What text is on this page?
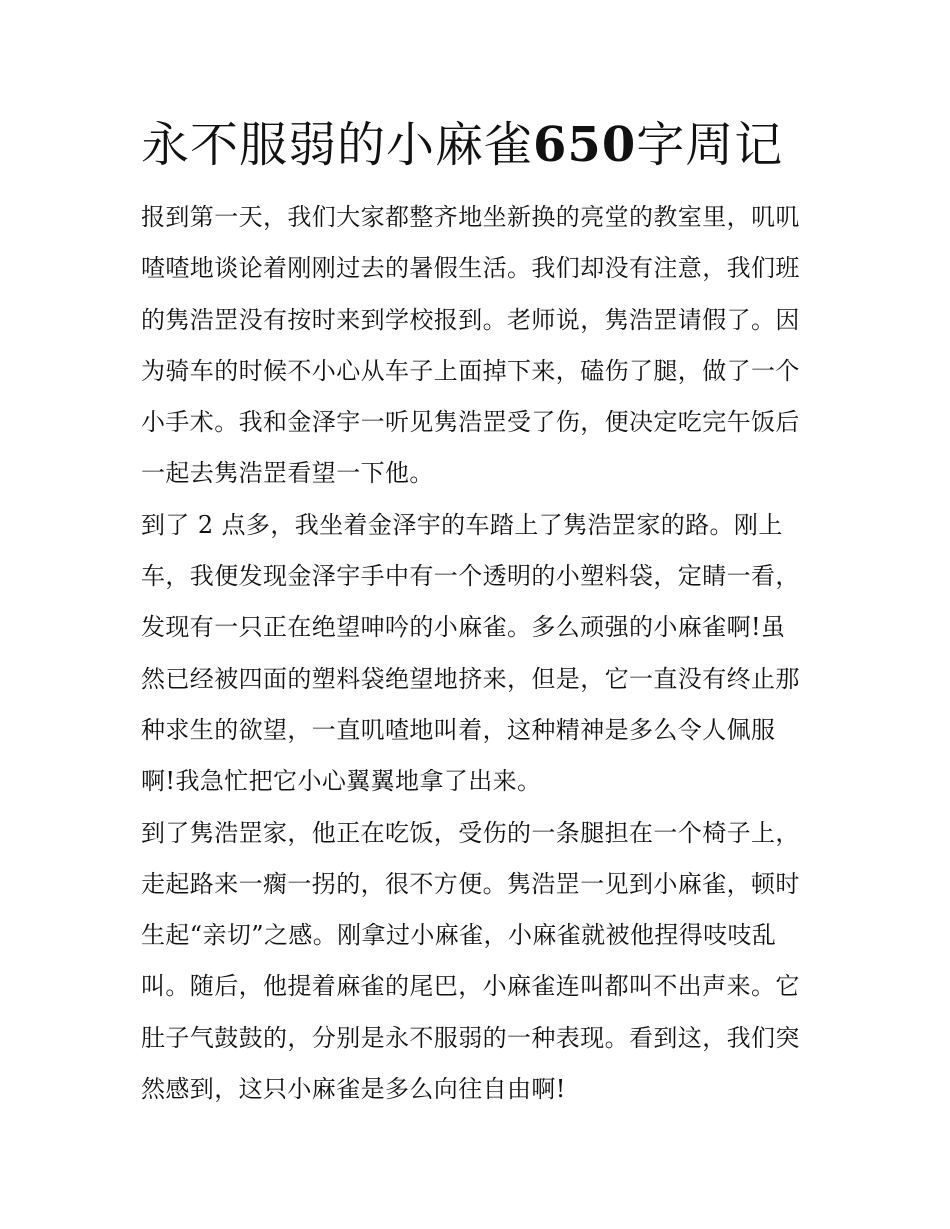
永不服弱的小麻雀650字周记
报到第一天，我们大家都整齐地坐新换的亮堂的教室里，叽叽
喳喳地谈论着刚刚过去的暑假生活。我们却没有注意，我们班
的隽浩罡没有按时来到学校报到。老师说，隽浩罡请假了。因
为骑车的时候不小心从车子上面掉下来，磕伤了腿，做了一个
小手术。我和金泽宇一听见隽浩罡受了伤，便决定吃完午饭后
一起去隽浩罡看望一下他。
到了 2 点多，我坐着金泽宇的车踏上了隽浩罡家的路。刚上
车，我便发现金泽宇手中有一个透明的小塑料袋，定睛一看，
发现有一只正在绝望呻吟的小麻雀。多么顽强的小麻雀啊!虽
然已经被四面的塑料袋绝望地挤来，但是，它一直没有终止那
种求生的欲望，一直叽喳地叫着，这种精神是多么令人佩服
啊!我急忙把它小心翼翼地拿了出来。
到了隽浩罡家，他正在吃饭，受伤的一条腿担在一个椅子上，
走起路来一瘸一拐的，很不方便。隽浩罡一见到小麻雀，顿时
生起“亲切”之感。刚拿过小麻雀，小麻雀就被他捏得吱吱乱
叫。随后，他提着麻雀的尾巴，小麻雀连叫都叫不出声来。它
肚子气鼓鼓的，分别是永不服弱的一种表现。看到这，我们突
然感到，这只小麻雀是多么向往自由啊!
